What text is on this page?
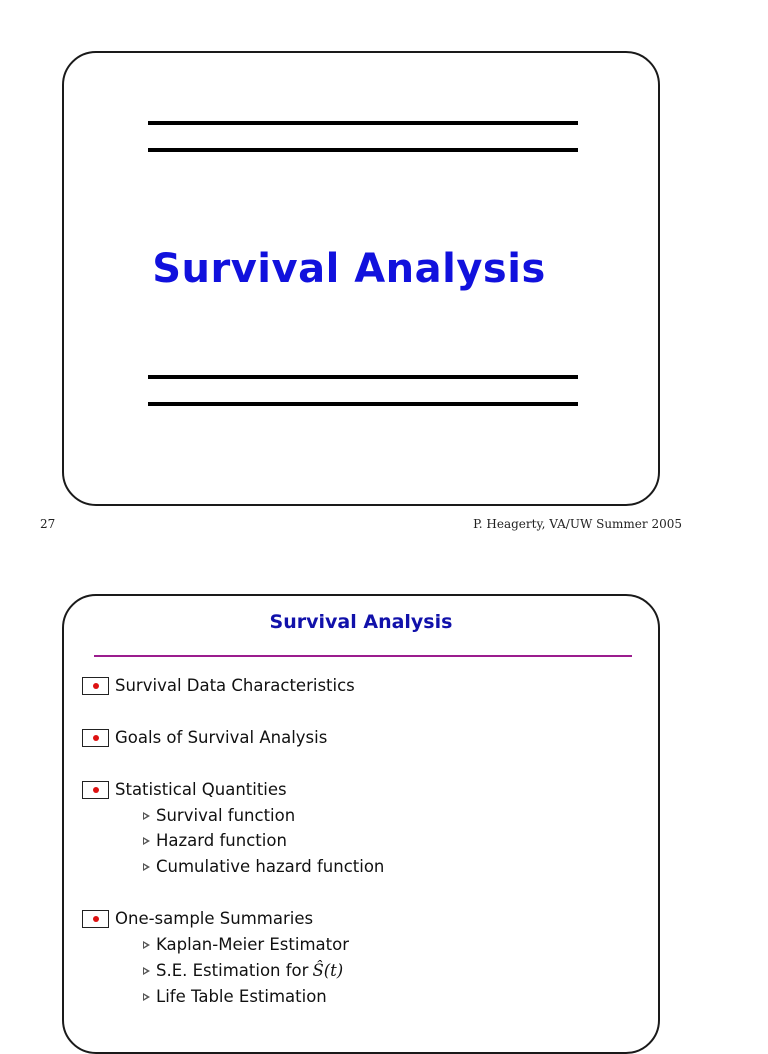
Survival Analysis
27	P. Heagerty, VA/UW Summer 2005
Survival Analysis
Survival Data Characteristics
Goals of Survival Analysis
Statistical Quantities
Survival function
Hazard function
Cumulative hazard function
One-sample Summaries
Kaplan-Meier Estimator
S.E. Estimation for Ŝ(t)
Life Table Estimation
